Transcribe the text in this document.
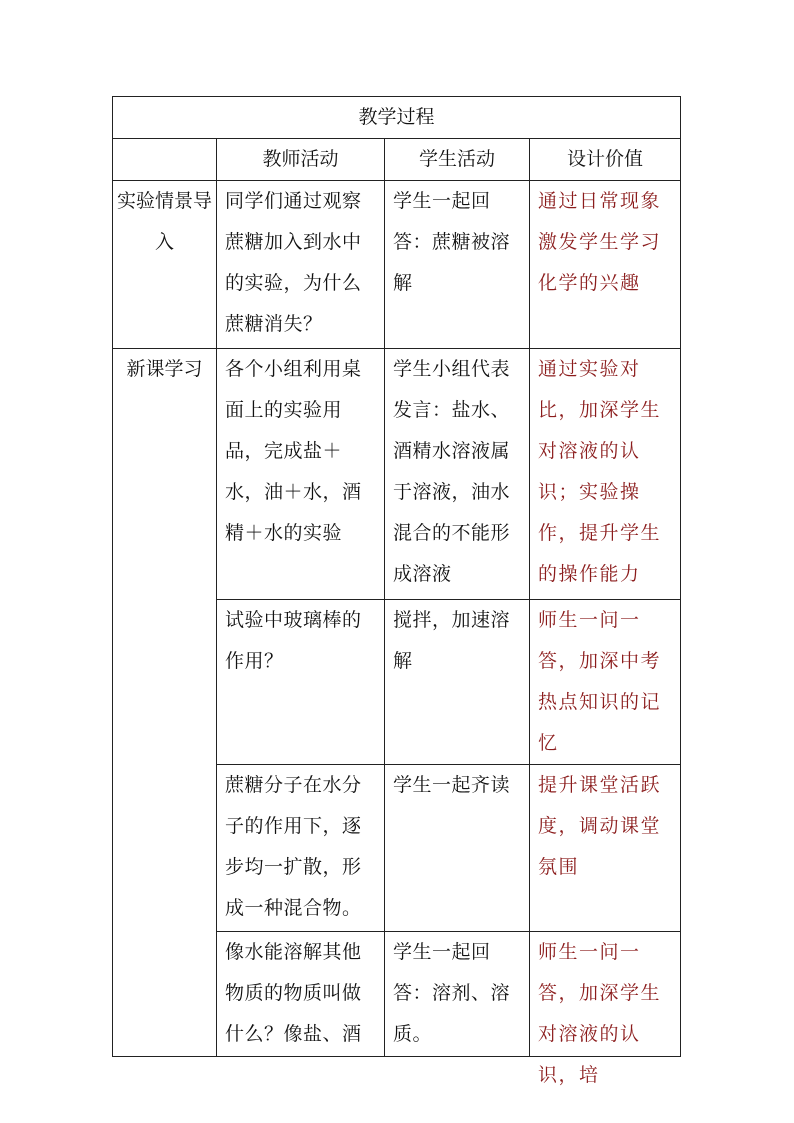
教学过程			
	教师活动	学生活动	设计价值
实验情景导入	同学们通过观察蔗糖加入到水中的实验，为什么蔗糖消失？	学生一起回答：蔗糖被溶解	通过日常现象激发学生学习化学的兴趣
新课学习	各个小组利用桌面上的实验用品，完成盐＋水，油＋水，酒精＋水的实验	学生小组代表发言：盐水、酒精水溶液属于溶液，油水混合的不能形成溶液	通过实验对比，加深学生对溶液的认识；实验操作，提升学生的操作能力
	试验中玻璃棒的作用？	搅拌，加速溶解	师生一问一答，加深中考热点知识的记忆
	蔗糖分子在水分子的作用下，逐步均一扩散，形成一种混合物。	学生一起齐读	提升课堂活跃度，调动课堂氛围

	像水能溶解其他物质的物质叫做什么？像盐、酒	学生一起回答：溶剂、溶质。	师生一问一答，加深学生对溶液的认识，培
